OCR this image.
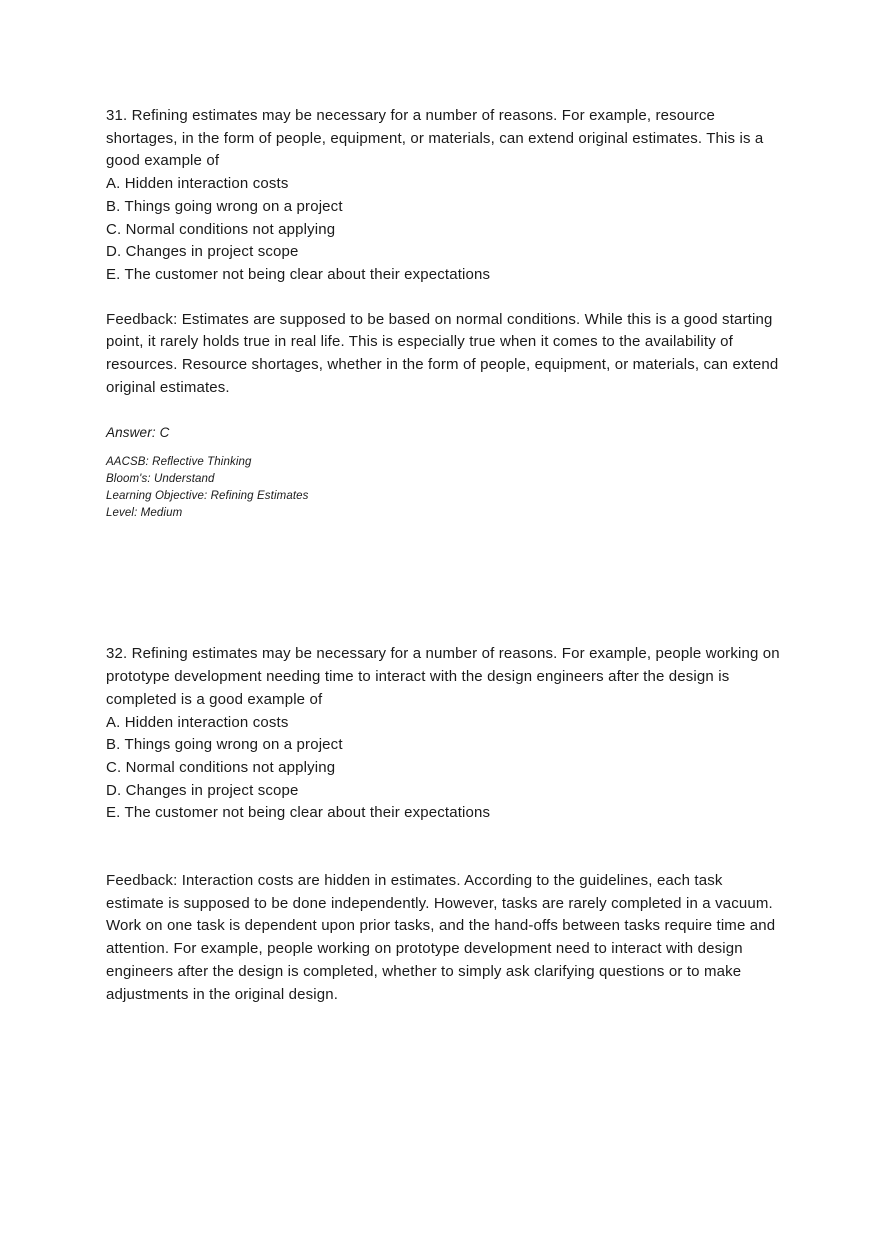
31. Refining estimates may be necessary for a number of reasons. For example, resource shortages, in the form of people, equipment, or materials, can extend original estimates. This is a good example of

A. Hidden interaction costs
B. Things going wrong on a project
C. Normal conditions not applying
D. Changes in project scope
E. The customer not being clear about their expectations

Feedback: Estimates are supposed to be based on normal conditions. While this is a good starting point, it rarely holds true in real life. This is especially true when it comes to the availability of resources. Resource shortages, whether in the form of people, equipment, or materials, can extend original estimates.

Answer: C

AACSB: Reflective Thinking

Bloom's: Understand

Learning Objective: Refining Estimates

Level: Medium

32. Refining estimates may be necessary for a number of reasons. For example, people working on prototype development needing time to interact with the design engineers after the design is completed is a good example of

A. Hidden interaction costs
B. Things going wrong on a project
C. Normal conditions not applying
D. Changes in project scope
E. The customer not being clear about their expectations

Feedback: Interaction costs are hidden in estimates. According to the guidelines, each task estimate is supposed to be done independently. However, tasks are rarely completed in a vacuum. Work on one task is dependent upon prior tasks, and the hand-offs between tasks require time and attention. For example, people working on prototype development need to interact with design engineers after the design is completed, whether to simply ask clarifying questions or to make adjustments in the original design.
